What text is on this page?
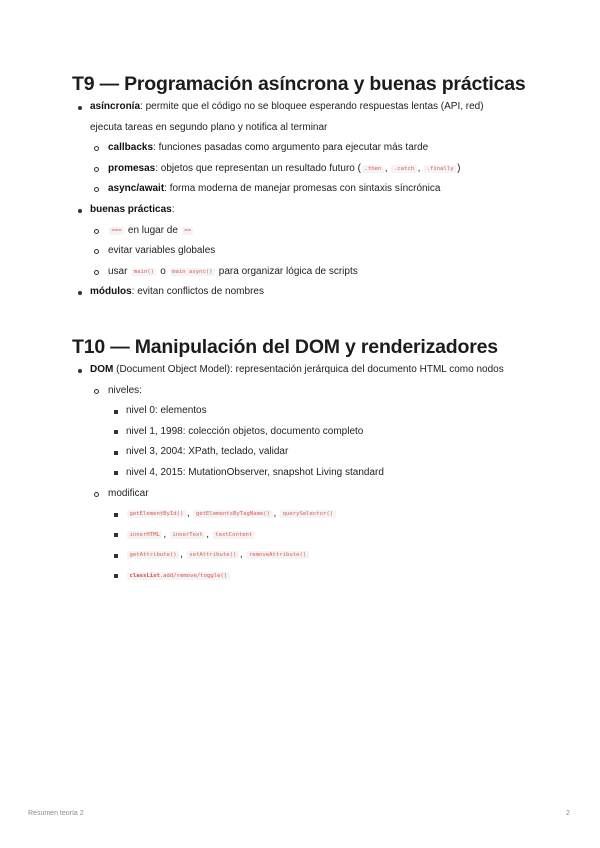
T9 — Programación asíncrona y buenas prácticas
asíncronía: permite que el código no se bloquee esperando respuestas lentas (API, red)
ejecuta tareas en segundo plano y notifica al terminar
callbacks: funciones pasadas como argumento para ejecutar más tarde
promesas: objetos que representan un resultado futuro ( .then , .catch , .finally )
async/await: forma moderna de manejar promesas con sintaxis síncrónica
buenas prácticas:
=== en lugar de ==
evitar variables globales
usar main() o main async() para organizar lógica de scripts
módulos: evitan conflictos de nombres
T10 — Manipulación del DOM y renderizadores
DOM (Document Object Model): representación jerárquica del documento HTML como nodos
niveles:
nivel 0: elementos
nivel 1, 1998: colección objetos, documento completo
nivel 3, 2004: XPath, teclado, validar
nivel 4, 2015: MutationObserver, snapshot Living standard
modificar
getElementById() , getElementsByTagName() , querySelector()
innerHTML , innerText , textContent
getAttribute() , setAttribute() , removeAttribute()
classList.add/remove/toggle()
Resumen teoría 2	2
